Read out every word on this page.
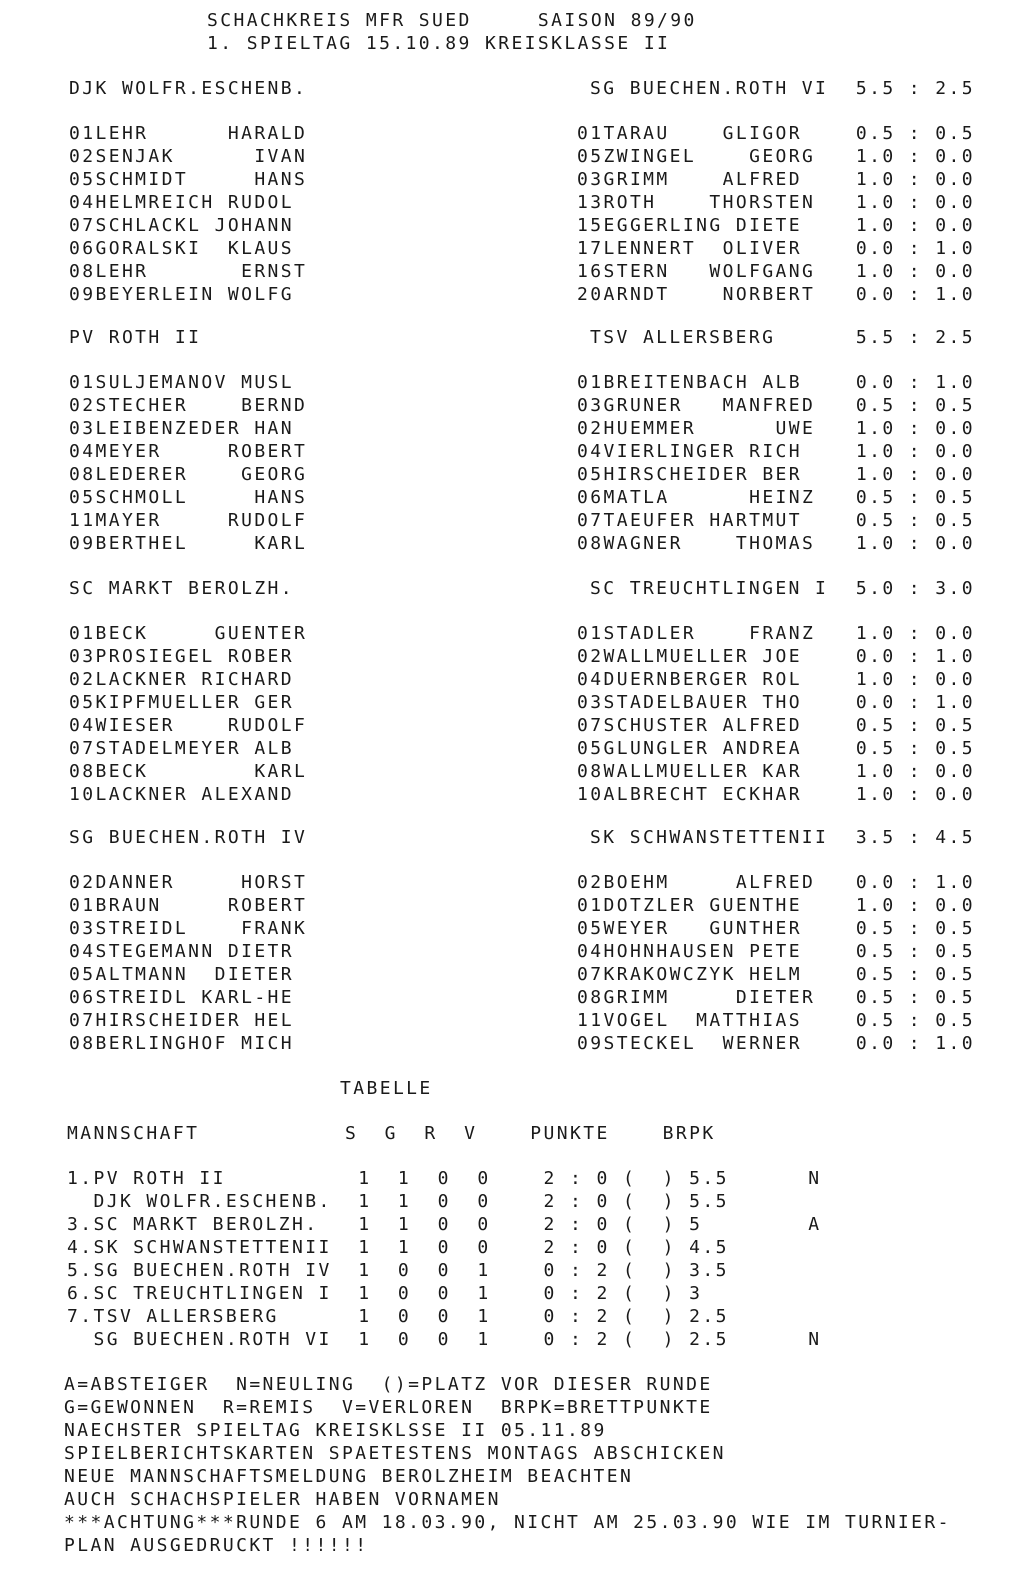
SCHACHKREIS MFR SUED     SAISON 89/90
1. SPIELTAG 15.10.89 KREISKLASSE II
DJK WOLFR.ESCHENB.	SG BUECHEN.ROTH VI 5.5 : 2.5
01LEHR      HARALD	01TARAU    GLIGOR	0.5 : 0.5
02SENJAK      IVAN	05ZWINGEL    GEORG 1.0 : 0.0
05SCHMIDT     HANS	03GRIMM    ALFRED	1.0 : 0.0
04HELMREICH RUDOL	13ROTH    THORSTEN 1.0 : 0.0
07SCHLACKL JOHANN	15EGGERLING DIETE	1.0 : 0.0
06GORALSKI  KLAUS	17LENNERT  OLIVER	0.0 : 1.0
08LEHR       ERNST	16STERN   WOLFGANG 1.0 : 0.0
09BEYERLEIN WOLFG	20ARNDT    NORBERT 0.0 : 1.0
PV ROTH II	TSV ALLERSBERG	5.5 : 2.5
01SULJEMANOV MUSL	01BREITENBACH ALB	0.0 : 1.0
02STECHER    BERND	03GRUNER   MANFRED 0.5 : 0.5
03LEIBENZEDER HAN	02HUEMMER      UWE 1.0 : 0.0
04MEYER     ROBERT	04VIERLINGER RICH	1.0 : 0.0
08LEDERER    GEORG	05HIRSCHEIDER BER	1.0 : 0.0
05SCHMOLL     HANS	06MATLA      HEINZ 0.5 : 0.5
11MAYER     RUDOLF	07TAEUFER HARTMUT	0.5 : 0.5
09BERTHEL     KARL	08WAGNER    THOMAS 1.0 : 0.0
SC MARKT BEROLZH.	SC TREUCHTLINGEN I 5.0 : 3.0
01BECK     GUENTER	01STADLER    FRANZ 1.0 : 0.0
03PROSIEGEL ROBER	02WALLMUELLER JOE	0.0 : 1.0
02LACKNER RICHARD	04DUERNBERGER ROL	1.0 : 0.0
05KIPFMUELLER GER	03STADELBAUER THO	0.0 : 1.0
04WIESER    RUDOLF	07SCHUSTER ALFRED	0.5 : 0.5
07STADELMEYER ALB	05GLUNGLER ANDREA	0.5 : 0.5
08BECK        KARL	08WALLMUELLER KAR	1.0 : 0.0
10LACKNER ALEXAND	10ALBRECHT ECKHAR	1.0 : 0.0
SG BUECHEN.ROTH IV	SK SCHWANSTETTENII 3.5 : 4.5
02DANNER     HORST	02BOEHM     ALFRED 0.0 : 1.0
01BRAUN     ROBERT	01DOTZLER GUENTHE	1.0 : 0.0
03STREIDL    FRANK	05WEYER   GUNTHER	0.5 : 0.5
04STEGEMANN DIETR	04HOHNHAUSEN PETE	0.5 : 0.5
05ALTMANN  DIETER	07KRAKOWCZYK HELM	0.5 : 0.5
06STREIDL KARL-HE	08GRIMM     DIETER 0.5 : 0.5
07HIRSCHEIDER HEL	11VOGEL  MATTHIAS	0.5 : 0.5
08BERLINGHOF MICH	09STECKEL  WERNER	0.0 : 1.0
TABELLE
MANNSCHAFT           S  G  R  V    PUNKTE    BRPK
1.PV ROTH II          1  1  0  0    2 : 0 (  ) 5.5      N
DJK WOLFR.ESCHENB.  1  1  0  0    2 : 0 (  ) 5.5
3.SC MARKT BEROLZH.   1  1  0  0    2 : 0 (  ) 5        A
4.SK SCHWANSTETTENII  1  1  0  0    2 : 0 (  ) 4.5
5.SG BUECHEN.ROTH IV  1  0  0  1    0 : 2 (  ) 3.5
6.SC TREUCHTLINGEN I  1  0  0  1    0 : 2 (  ) 3
7.TSV ALLERSBERG      1  0  0  1    0 : 2 (  ) 2.5
SG BUECHEN.ROTH VI  1  0  0  1    0 : 2 (  ) 2.5      N
A=ABSTEIGER  N=NEULING  ()=PLATZ VOR DIESER RUNDE
G=GEWONNEN  R=REMIS  V=VERLOREN  BRPK=BRETTPUNKTE
NAECHSTER SPIELTAG KREISKLSSE II 05.11.89
SPIELBERICHTSKARTEN SPAETESTENS MONTAGS ABSCHICKEN
NEUE MANNSCHAFTSMELDUNG BEROLZHEIM BEACHTEN
AUCH SCHACHSPIELER HABEN VORNAMEN
***ACHTUNG***RUNDE 6 AM 18.03.90, NICHT AM 25.03.90 WIE IM TURNIER-
PLAN AUSGEDRUCKT !!!!!!
